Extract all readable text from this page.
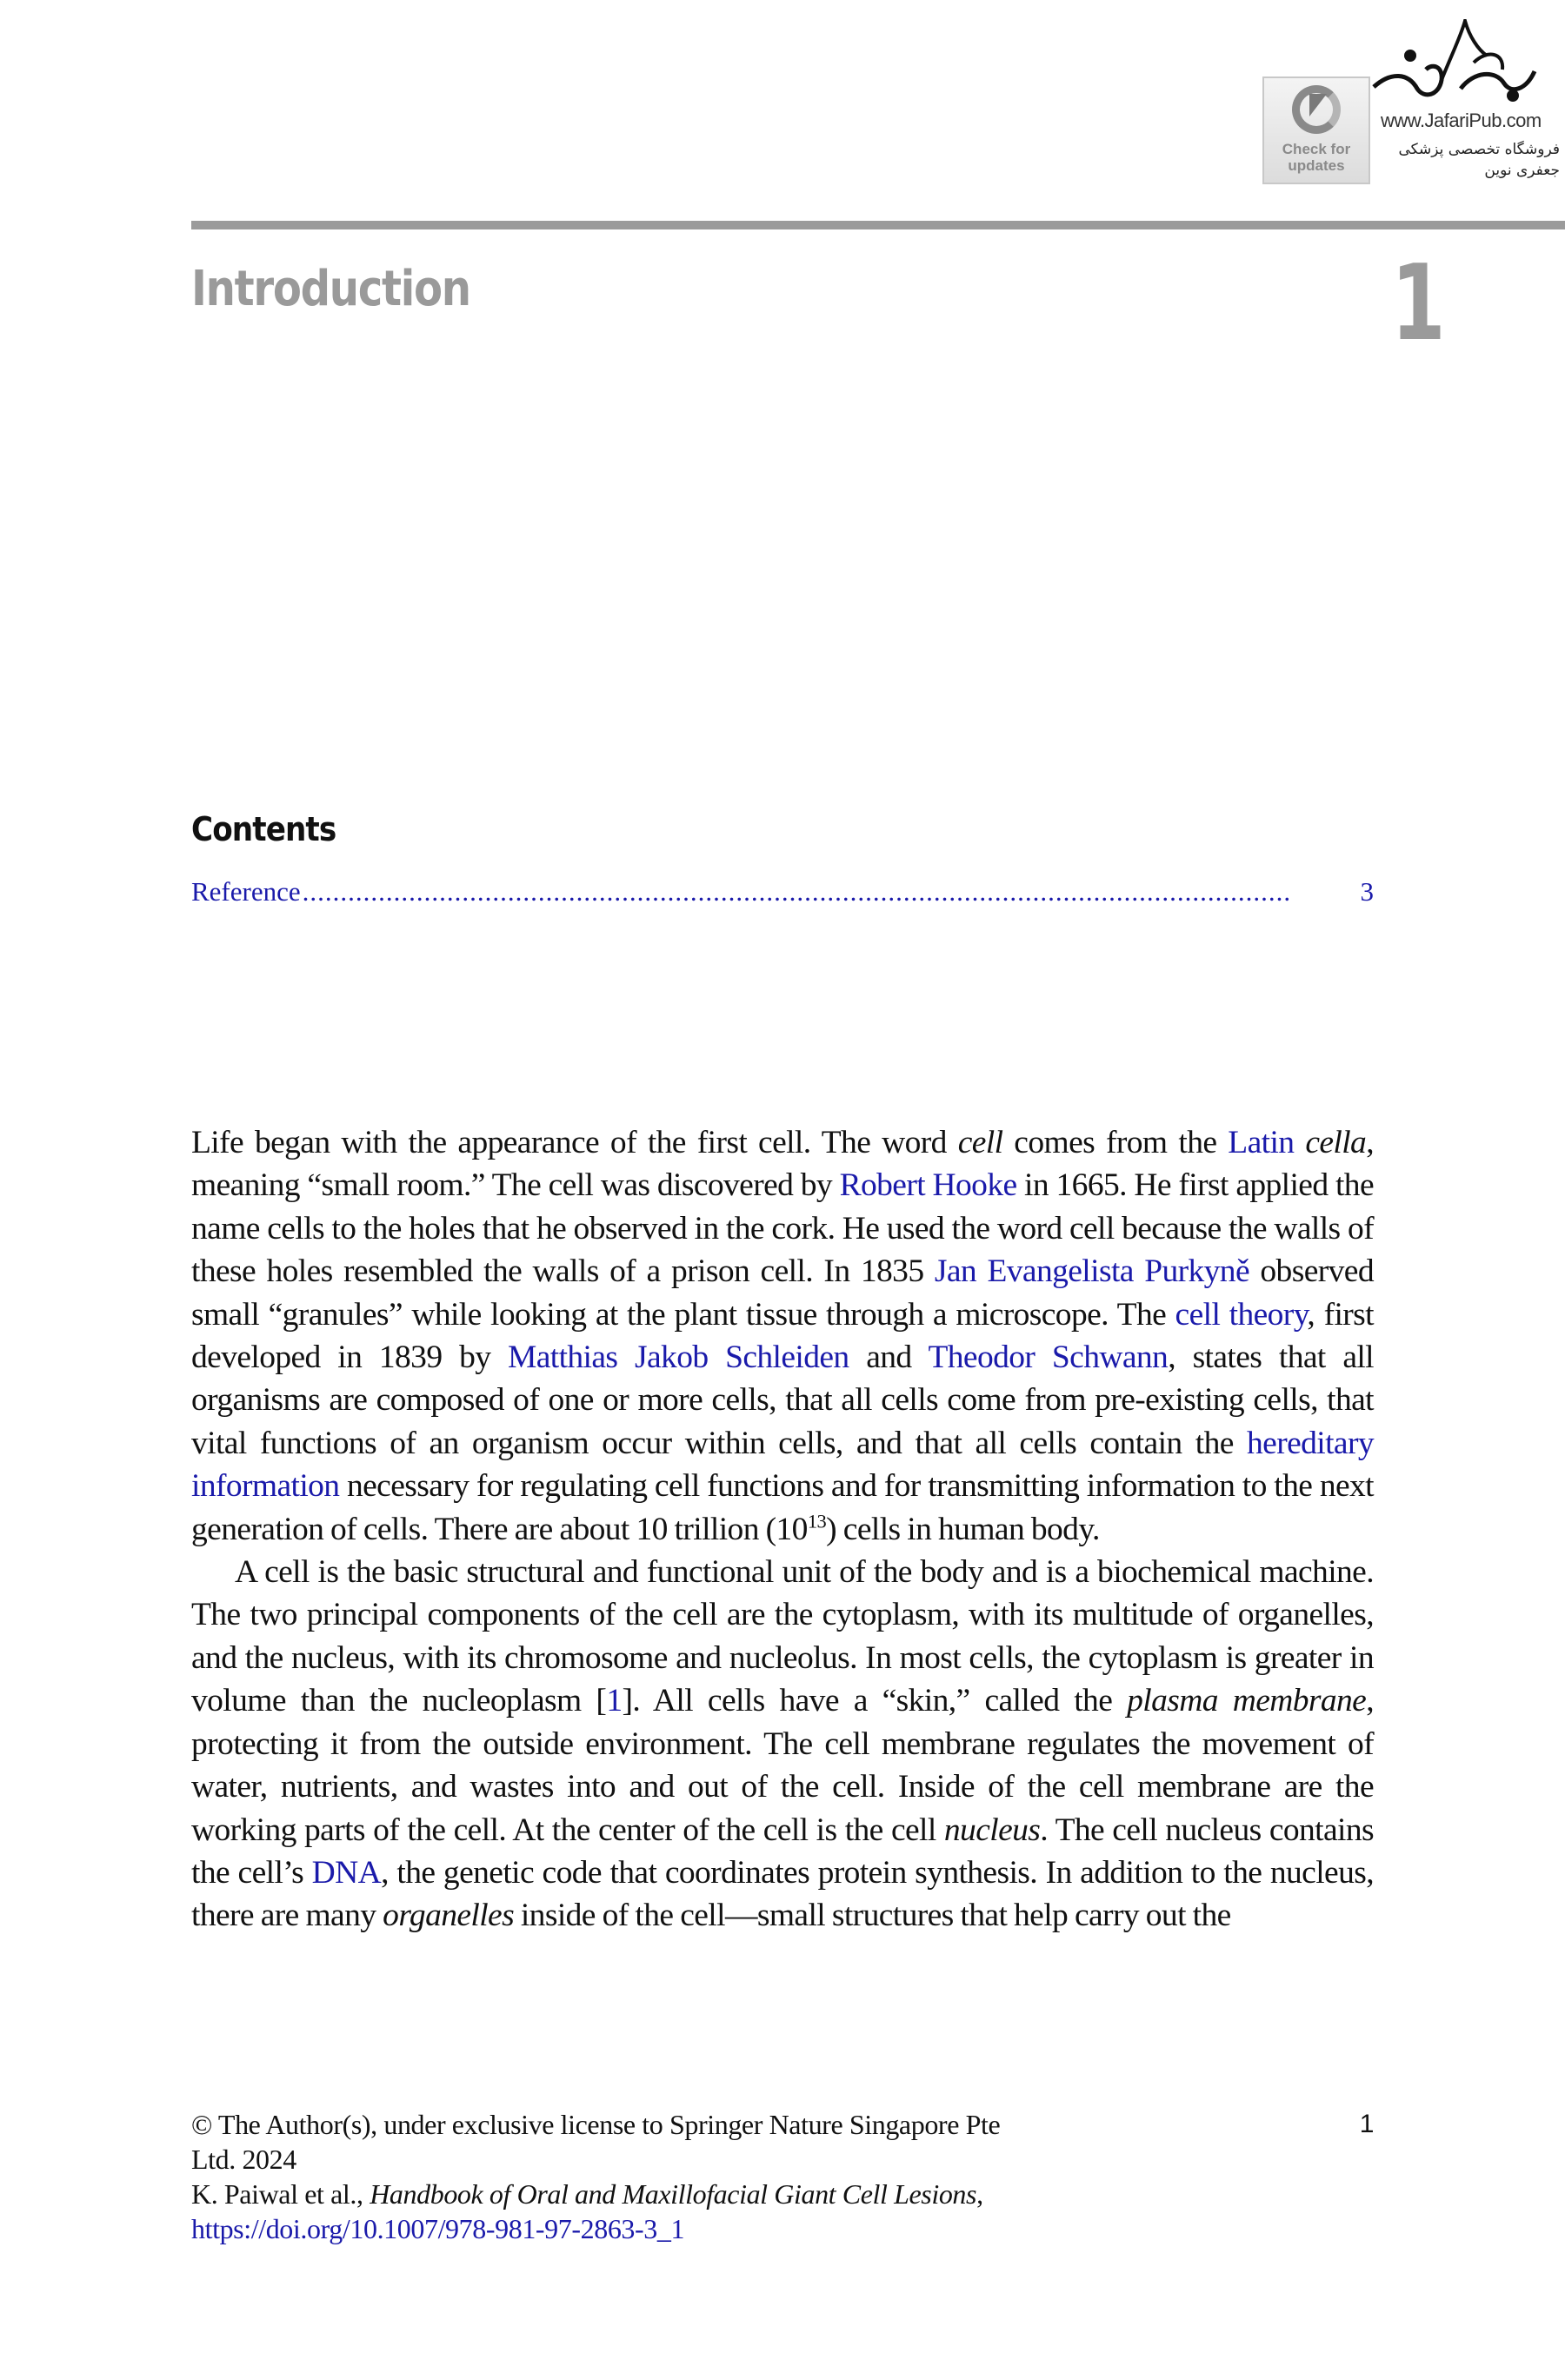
Check for
updates
www.JafariPub.com
فروشگاه تخصصی پزشکی جعفری نوین
Introduction	1
Contents
Reference ..................................................................................................................................	3

Life began with the appearance of the first cell. The word cell comes from the Latin cella, meaning “small room.” The cell was discovered by Robert Hooke in 1665. He first applied the name cells to the holes that he observed in the cork. He used the word cell because the walls of these holes resembled the walls of a prison cell. In 1835 Jan Evangelista Purkyně observed small “granules” while looking at the plant tissue through a microscope. The cell theory, first developed in 1839 by Matthias Jakob Schleiden and Theodor Schwann, states that all organisms are composed of one or more cells, that all cells come from pre-existing cells, that vital functions of an organism occur within cells, and that all cells contain the hereditary information necessary for regulating cell functions and for transmitting information to the next generation of cells. There are about 10 trillion $(10^{13})$ cells in human body.

A cell is the basic structural and functional unit of the body and is a biochemical machine. The two principal components of the cell are the cytoplasm, with its multitude of organelles, and the nucleus, with its chromosome and nucleolus. In most cells, the cytoplasm is greater in volume than the nucleoplasm [1]. All cells have a “skin,” called the plasma membrane, protecting it from the outside environment. The cell membrane regulates the movement of water, nutrients, and wastes into and out of the cell. Inside of the cell membrane are the working parts of the cell. At the center of the cell is the cell nucleus. The cell nucleus contains the cell’s DNA, the genetic code that coordinates protein synthesis. In addition to the nucleus, there are many organelles inside of the cell—small structures that help carry out the

© The Author(s), under exclusive license to Springer Nature Singapore Pte
Ltd. 2024
K. Paiwal et al., Handbook of Oral and Maxillofacial Giant Cell Lesions,
https://doi.org/10.1007/978-981-97-2863-3_1
1
